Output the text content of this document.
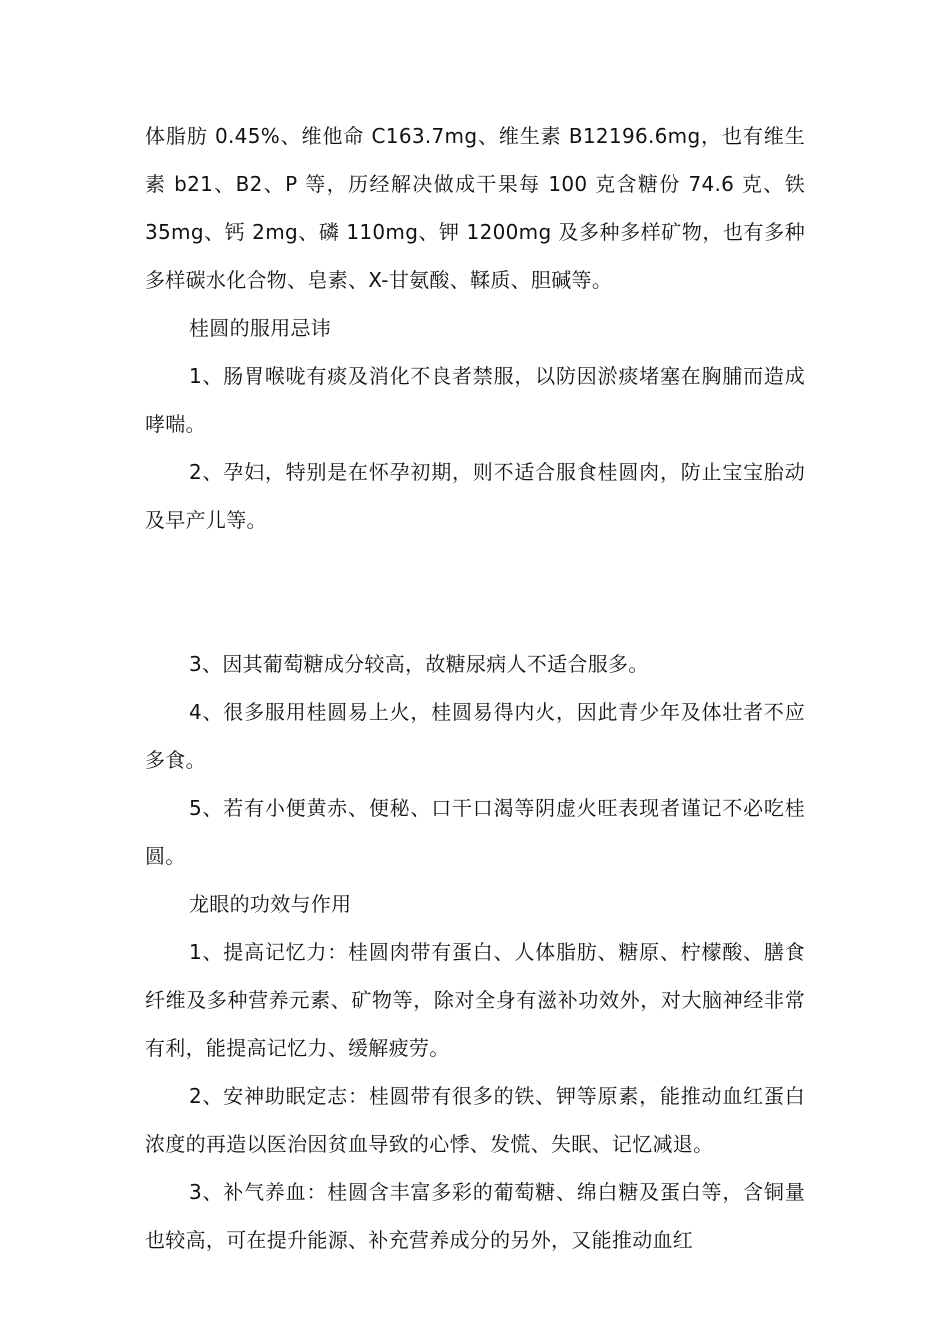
体脂肪 0.45%、维他命 C163.7mg、维生素 B12196.6mg，也有维生素 b21、B2、P 等，历经解决做成干果每 100 克含糖份 74.6 克、铁 35mg、钙 2mg、磷 110mg、钾 1200mg 及多种多样矿物，也有多种多样碳水化合物、皂素、X-甘氨酸、鞣质、胆碱等。

桂圆的服用忌讳

1、肠胃喉咙有痰及消化不良者禁服，以防因淤痰堵塞在胸脯而造成哮喘。

2、孕妇，特别是在怀孕初期，则不适合服食桂圆肉，防止宝宝胎动及早产儿等。

3、因其葡萄糖成分较高，故糖尿病人不适合服多。

4、很多服用桂圆易上火，桂圆易得内火，因此青少年及体壮者不应多食。

5、若有小便黄赤、便秘、口干口渴等阴虚火旺表现者谨记不必吃桂圆。

龙眼的功效与作用

1、提高记忆力：桂圆肉带有蛋白、人体脂肪、糖原、柠檬酸、膳食纤维及多种营养元素、矿物等，除对全身有滋补功效外，对大脑神经非常有利，能提高记忆力、缓解疲劳。

2、安神助眠定志：桂圆带有很多的铁、钾等原素，能推动血红蛋白浓度的再造以医治因贫血导致的心悸、发慌、失眠、记忆减退。

3、补气养血：桂圆含丰富多彩的葡萄糖、绵白糖及蛋白等，含铜量也较高，可在提升能源、补充营养成分的另外，又能推动血红
